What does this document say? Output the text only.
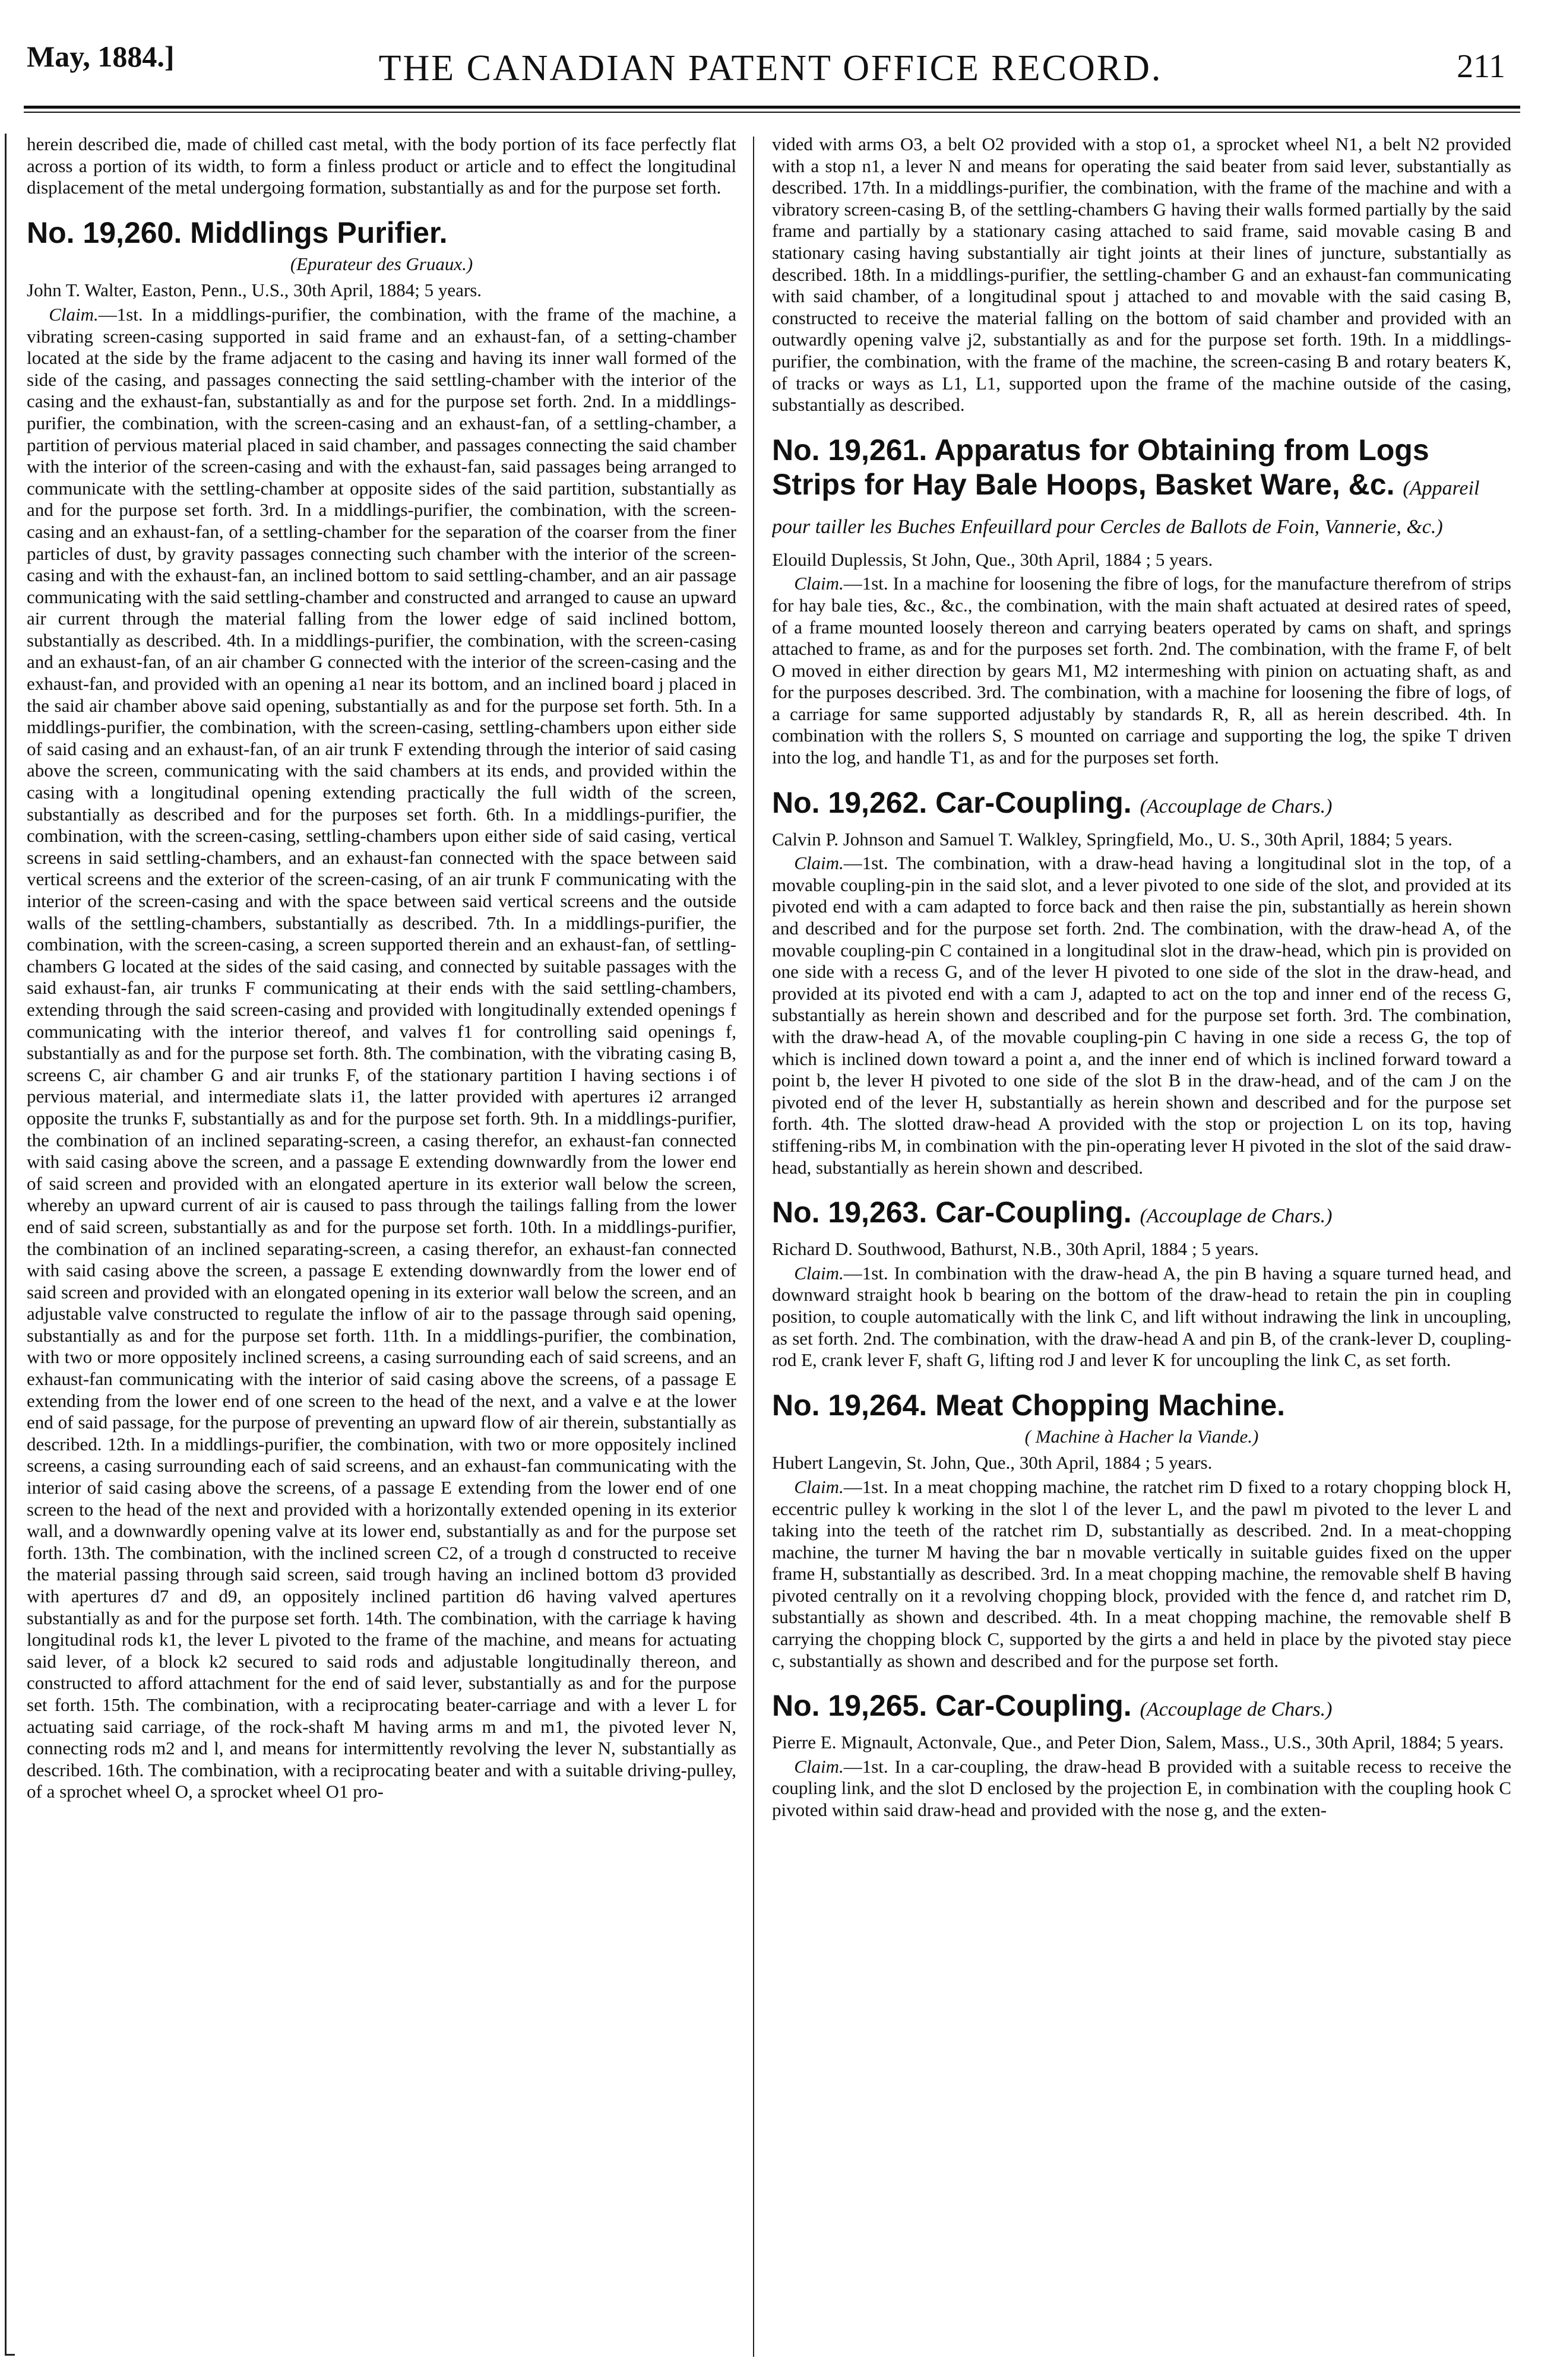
May, 1884.]	THE CANADIAN PATENT OFFICE RECORD.	211

herein described die, made of chilled cast metal, with the body portion of its face perfectly flat across a portion of its width, to form a finless product or article and to effect the longitudinal displacement of the metal undergoing formation, substantially as and for the purpose set forth.

No. 19,260. Middlings Purifier.
(Epurateur des Gruaux.)

John T. Walter, Easton, Penn., U.S., 30th April, 1884; 5 years.

Claim.—1st. In a middlings-purifier, the combination, with the frame of the machine, a vibrating screen-casing supported in said frame and an exhaust-fan, of a setting-chamber located at the side by the frame adjacent to the casing and having its inner wall formed of the side of the casing, and passages connecting the said settling-chamber with the interior of the casing and the exhaust-fan, substantially as and for the purpose set forth. 2nd. In a middlings-purifier, the combination, with the screen-casing and an exhaust-fan, of a settling-chamber, a partition of pervious material placed in said chamber, and passages connecting the said chamber with the interior of the screen-casing and with the exhaust-fan, said passages being arranged to communicate with the settling-chamber at opposite sides of the said partition, substantially as and for the purpose set forth. 3rd. In a middlings-purifier, the combination, with the screen-casing and an exhaust-fan, of a settling-chamber for the separation of the coarser from the finer particles of dust, by gravity passages connecting such chamber with the interior of the screen-casing and with the exhaust-fan, an inclined bottom to said settling-chamber, and an air passage communicating with the said settling-chamber and constructed and arranged to cause an upward air current through the material falling from the lower edge of said inclined bottom, substantially as described. 4th. In a middlings-purifier, the combination, with the screen-casing and an exhaust-fan, of an air chamber G connected with the interior of the screen-casing and the exhaust-fan, and provided with an opening a1 near its bottom, and an inclined board j placed in the said air chamber above said opening, substantially as and for the purpose set forth. 5th. In a middlings-purifier, the combination, with the screen-casing, settling-chambers upon either side of said casing and an exhaust-fan, of an air trunk F extending through the interior of said casing above the screen, communicating with the said chambers at its ends, and provided within the casing with a longitudinal opening extending practically the full width of the screen, substantially as described and for the purposes set forth. 6th. In a middlings-purifier, the combination, with the screen-casing, settling-chambers upon either side of said casing, vertical screens in said settling-chambers, and an exhaust-fan connected with the space between said vertical screens and the exterior of the screen-casing, of an air trunk F communicating with the interior of the screen-casing and with the space between said vertical screens and the outside walls of the settling-chambers, substantially as described. 7th. In a middlings-purifier, the combination, with the screen-casing, a screen supported therein and an exhaust-fan, of settling-chambers G located at the sides of the said casing, and connected by suitable passages with the said exhaust-fan, air trunks F communicating at their ends with the said settling-chambers, extending through the said screen-casing and provided with longitudinally extended openings f communicating with the interior thereof, and valves f1 for controlling said openings f, substantially as and for the purpose set forth. 8th. The combination, with the vibrating casing B, screens C, air chamber G and air trunks F, of the stationary partition I having sections i of pervious material, and intermediate slats i1, the latter provided with apertures i2 arranged opposite the trunks F, substantially as and for the purpose set forth. 9th. In a middlings-purifier, the combination of an inclined separating-screen, a casing therefor, an exhaust-fan connected with said casing above the screen, and a passage E extending downwardly from the lower end of said screen and provided with an elongated aperture in its exterior wall below the screen, whereby an upward current of air is caused to pass through the tailings falling from the lower end of said screen, substantially as and for the purpose set forth. 10th. In a middlings-purifier, the combination of an inclined separating-screen, a casing therefor, an exhaust-fan connected with said casing above the screen, a passage E extending downwardly from the lower end of said screen and provided with an elongated opening in its exterior wall below the screen, and an adjustable valve constructed to regulate the inflow of air to the passage through said opening, substantially as and for the purpose set forth. 11th. In a middlings-purifier, the combination, with two or more oppositely inclined screens, a casing surrounding each of said screens, and an exhaust-fan communicating with the interior of said casing above the screens, of a passage E extending from the lower end of one screen to the head of the next, and a valve e at the lower end of said passage, for the purpose of preventing an upward flow of air therein, substantially as described. 12th. In a middlings-purifier, the combination, with two or more oppositely inclined screens, a casing surrounding each of said screens, and an exhaust-fan communicating with the interior of said casing above the screens, of a passage E extending from the lower end of one screen to the head of the next and provided with a horizontally extended opening in its exterior wall, and a downwardly opening valve at its lower end, substantially as and for the purpose set forth. 13th. The combination, with the inclined screen C2, of a trough d constructed to receive the material passing through said screen, said trough having an inclined bottom d3 provided with apertures d7 and d9, an oppositely inclined partition d6 having valved apertures substantially as and for the purpose set forth. 14th. The combination, with the carriage k having longitudinal rods k1, the lever L pivoted to the frame of the machine, and means for actuating said lever, of a block k2 secured to said rods and adjustable longitudinally thereon, and constructed to afford attachment for the end of said lever, substantially as and for the purpose set forth. 15th. The combination, with a reciprocating beater-carriage and with a lever L for actuating said carriage, of the rock-shaft M having arms m and m1, the pivoted lever N, connecting rods m2 and l, and means for intermittently revolving the lever N, substantially as described. 16th. The combination, with a reciprocating beater and with a suitable driving-pulley, of a sprochet wheel O, a sprocket wheel O1 pro-

vided with arms O3, a belt O2 provided with a stop o1, a sprocket wheel N1, a belt N2 provided with a stop n1, a lever N and means for operating the said beater from said lever, substantially as described. 17th. In a middlings-purifier, the combination, with the frame of the machine and with a vibratory screen-casing B, of the settling-chambers G having their walls formed partially by the said frame and partially by a stationary casing attached to said frame, said movable casing B and stationary casing having substantially air tight joints at their lines of juncture, substantially as described. 18th. In a middlings-purifier, the settling-chamber G and an exhaust-fan communicating with said chamber, of a longitudinal spout j attached to and movable with the said casing B, constructed to receive the material falling on the bottom of said chamber and provided with an outwardly opening valve j2, substantially as and for the purpose set forth. 19th. In a middlings-purifier, the combination, with the frame of the machine, the screen-casing B and rotary beaters K, of tracks or ways as L1, L1, supported upon the frame of the machine outside of the casing, substantially as described.

No. 19,261. Apparatus for Obtaining from Logs Strips for Hay Bale Hoops, Basket Ware, &c. (Appareil pour tailler les Buches Enfeuillard pour Cercles de Ballots de Foin, Vannerie, &c.)

Elouild Duplessis, St John, Que., 30th April, 1884 ; 5 years.

Claim.—1st. In a machine for loosening the fibre of logs, for the manufacture therefrom of strips for hay bale ties, &c., &c., the combination, with the main shaft actuated at desired rates of speed, of a frame mounted loosely thereon and carrying beaters operated by cams on shaft, and springs attached to frame, as and for the purposes set forth. 2nd. The combination, with the frame F, of belt O moved in either direction by gears M1, M2 intermeshing with pinion on actuating shaft, as and for the purposes described. 3rd. The combination, with a machine for loosening the fibre of logs, of a carriage for same supported adjustably by standards R, R, all as herein described. 4th. In combination with the rollers S, S mounted on carriage and supporting the log, the spike T driven into the log, and handle T1, as and for the purposes set forth.

No. 19,262. Car-Coupling. (Accouplage de Chars.)

Calvin P. Johnson and Samuel T. Walkley, Springfield, Mo., U. S., 30th April, 1884; 5 years.

Claim.—1st. The combination, with a draw-head having a longitudinal slot in the top, of a movable coupling-pin in the said slot, and a lever pivoted to one side of the slot, and provided at its pivoted end with a cam adapted to force back and then raise the pin, substantially as herein shown and described and for the purpose set forth. 2nd. The combination, with the draw-head A, of the movable coupling-pin C contained in a longitudinal slot in the draw-head, which pin is provided on one side with a recess G, and of the lever H pivoted to one side of the slot in the draw-head, and provided at its pivoted end with a cam J, adapted to act on the top and inner end of the recess G, substantially as herein shown and described and for the purpose set forth. 3rd. The combination, with the draw-head A, of the movable coupling-pin C having in one side a recess G, the top of which is inclined down toward a point a, and the inner end of which is inclined forward toward a point b, the lever H pivoted to one side of the slot B in the draw-head, and of the cam J on the pivoted end of the lever H, substantially as herein shown and described and for the purpose set forth. 4th. The slotted draw-head A provided with the stop or projection L on its top, having stiffening-ribs M, in combination with the pin-operating lever H pivoted in the slot of the said draw-head, substantially as herein shown and described.

No. 19,263. Car-Coupling. (Accouplage de Chars.)

Richard D. Southwood, Bathurst, N.B., 30th April, 1884 ; 5 years.

Claim.—1st. In combination with the draw-head A, the pin B having a square turned head, and downward straight hook b bearing on the bottom of the draw-head to retain the pin in coupling position, to couple automatically with the link C, and lift without indrawing the link in uncoupling, as set forth. 2nd. The combination, with the draw-head A and pin B, of the crank-lever D, coupling-rod E, crank lever F, shaft G, lifting rod J and lever K for uncoupling the link C, as set forth.

No. 19,264. Meat Chopping Machine.
( Machine à Hacher la Viande.)

Hubert Langevin, St. John, Que., 30th April, 1884 ; 5 years.

Claim.—1st. In a meat chopping machine, the ratchet rim D fixed to a rotary chopping block H, eccentric pulley k working in the slot l of the lever L, and the pawl m pivoted to the lever L and taking into the teeth of the ratchet rim D, substantially as described. 2nd. In a meat-chopping machine, the turner M having the bar n movable vertically in suitable guides fixed on the upper frame H, substantially as described. 3rd. In a meat chopping machine, the removable shelf B having pivoted centrally on it a revolving chopping block, provided with the fence d, and ratchet rim D, substantially as shown and described. 4th. In a meat chopping machine, the removable shelf B carrying the chopping block C, supported by the girts a and held in place by the pivoted stay piece c, substantially as shown and described and for the purpose set forth.

No. 19,265. Car-Coupling. (Accouplage de Chars.)

Pierre E. Mignault, Actonvale, Que., and Peter Dion, Salem, Mass., U.S., 30th April, 1884; 5 years.

Claim.—1st. In a car-coupling, the draw-head B provided with a suitable recess to receive the coupling link, and the slot D enclosed by the projection E, in combination with the coupling hook C pivoted within said draw-head and provided with the nose g, and the exten-
